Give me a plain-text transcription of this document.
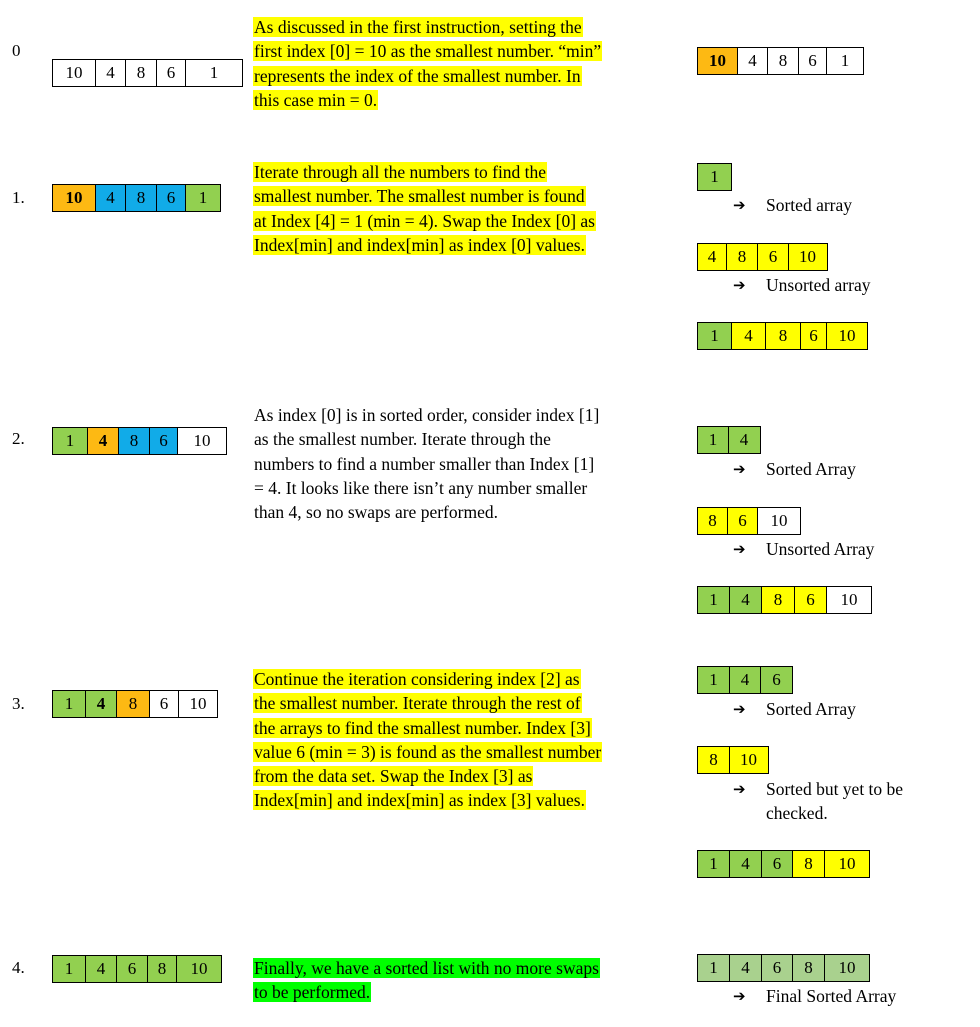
0
10	4	8	6	1
As discussed in the first instruction, setting the
first index [0] = 10 as the smallest number. “min”
represents the index of the smallest number. In
this case min = 0.

10	4	8	6	1
1.	10	4	8	6	1
Iterate through all the numbers to find the
smallest number. The smallest number is found
at Index [4] = 1 (min = 4). Swap the Index [0] as
Index[min] and index[min] as index [0] values.

1
➔	Sorted array
4	8	6	10
➔	Unsorted array
1	4	8	6	10
2.	1	4	8	6	10
As index [0] is in sorted order, consider index [1]
as the smallest number. Iterate through the
numbers to find a number smaller than Index [1]
= 4. It looks like there isn’t any number smaller
than 4, so no swaps are performed.

1	4
➔	Sorted Array
8	6	10
➔	Unsorted Array
1	4	8	6	10
3.	1	4	8	6	10
Continue the iteration considering index [2] as
the smallest number. Iterate through the rest of
the arrays to find the smallest number. Index [3]
value 6 (min = 3) is found as the smallest number
from the data set. Swap the Index [3] as
Index[min] and index[min] as index [3] values.

1	4	6
➔	Sorted Array
8	10
➔	Sorted but yet to be
checked.
1	4	6	8	10
4.	1	4	6	8	10	Finally, we have a sorted list with no more swaps
to be performed.

1	4	6	8	10
➔	Final Sorted Array
